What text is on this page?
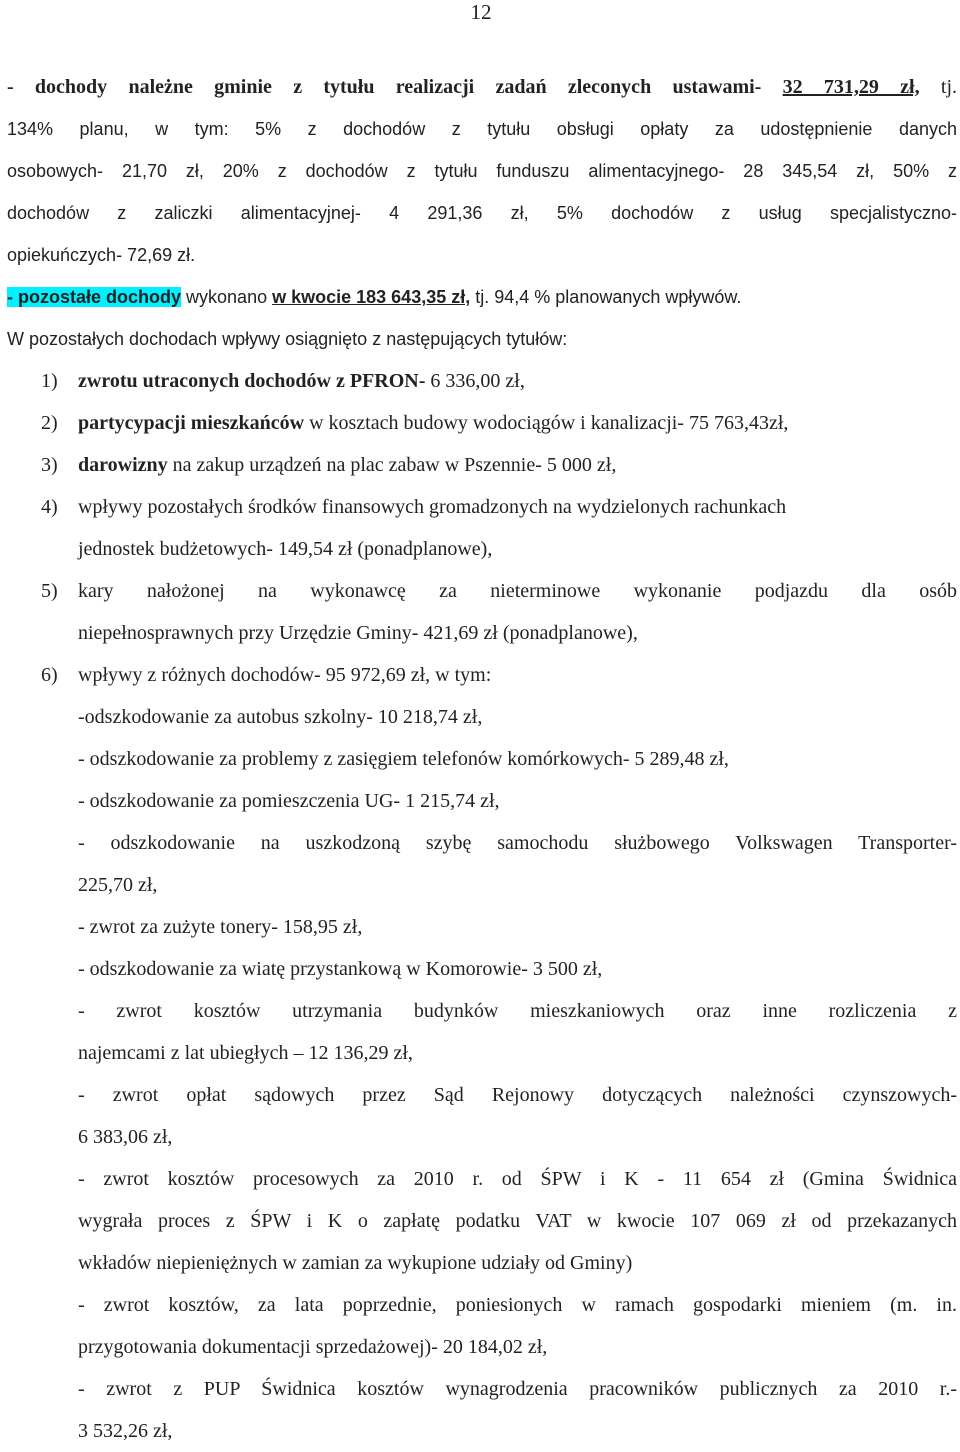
12
- dochody należne gminie z tytułu realizacji zadań zleconych ustawami- 32 731,29 zł, tj.
134% planu, w tym: 5% z dochodów z tytułu obsługi opłaty za udostępnienie danych
osobowych- 21,70 zł, 20% z dochodów z tytułu funduszu alimentacyjnego- 28 345,54 zł, 50% z
dochodów z zaliczki alimentacyjnej- 4 291,36 zł, 5% dochodów z usług specjalistyczno-
opiekuńczych- 72,69 zł.
- pozostałe dochody wykonano w kwocie 183 643,35 zł, tj. 94,4 % planowanych wpływów.
W pozostałych dochodach wpływy osiągnięto z następujących tytułów:
1) zwrotu utraconych dochodów z PFRON- 6 336,00 zł,
2) partycypacji mieszkańców w kosztach budowy wodociągów i kanalizacji- 75 763,43zł,
3) darowizny na zakup urządzeń na plac zabaw w Pszennie- 5 000 zł,
4) wpływy pozostałych środków finansowych gromadzonych na wydzielonych rachunkach
jednostek budżetowych- 149,54 zł (ponadplanowe),
5) kary nałożonej na wykonawcę za nieterminowe wykonanie podjazdu dla osób
niepełnosprawnych przy Urzędzie Gminy- 421,69 zł (ponadplanowe),
6) wpływy z różnych dochodów- 95 972,69 zł, w tym:
-odszkodowanie za autobus szkolny- 10 218,74 zł,
- odszkodowanie za problemy z zasięgiem telefonów komórkowych- 5 289,48 zł,
- odszkodowanie za pomieszczenia UG- 1 215,74 zł,
- odszkodowanie na uszkodzoną szybę samochodu służbowego Volkswagen Transporter-
225,70 zł,
- zwrot za zużyte tonery- 158,95 zł,
- odszkodowanie za wiatę przystankową w Komorowie- 3 500 zł,
- zwrot kosztów utrzymania budynków mieszkaniowych oraz inne rozliczenia z
najemcami z lat ubiegłych – 12 136,29 zł,
- zwrot opłat sądowych przez Sąd Rejonowy dotyczących należności czynszowych-
6 383,06 zł,
- zwrot kosztów procesowych za 2010 r. od ŚPW i K - 11 654 zł (Gmina Świdnica
wygrała proces z ŚPW i K o zapłatę podatku VAT w kwocie 107 069 zł od przekazanych
wkładów niepieniężnych w zamian za wykupione udziały od Gminy)
- zwrot kosztów, za lata poprzednie, poniesionych w ramach gospodarki mieniem (m. in.
przygotowania dokumentacji sprzedażowej)- 20 184,02 zł,
- zwrot z PUP Świdnica kosztów wynagrodzenia pracowników publicznych za 2010 r.-
3 532,26 zł,
